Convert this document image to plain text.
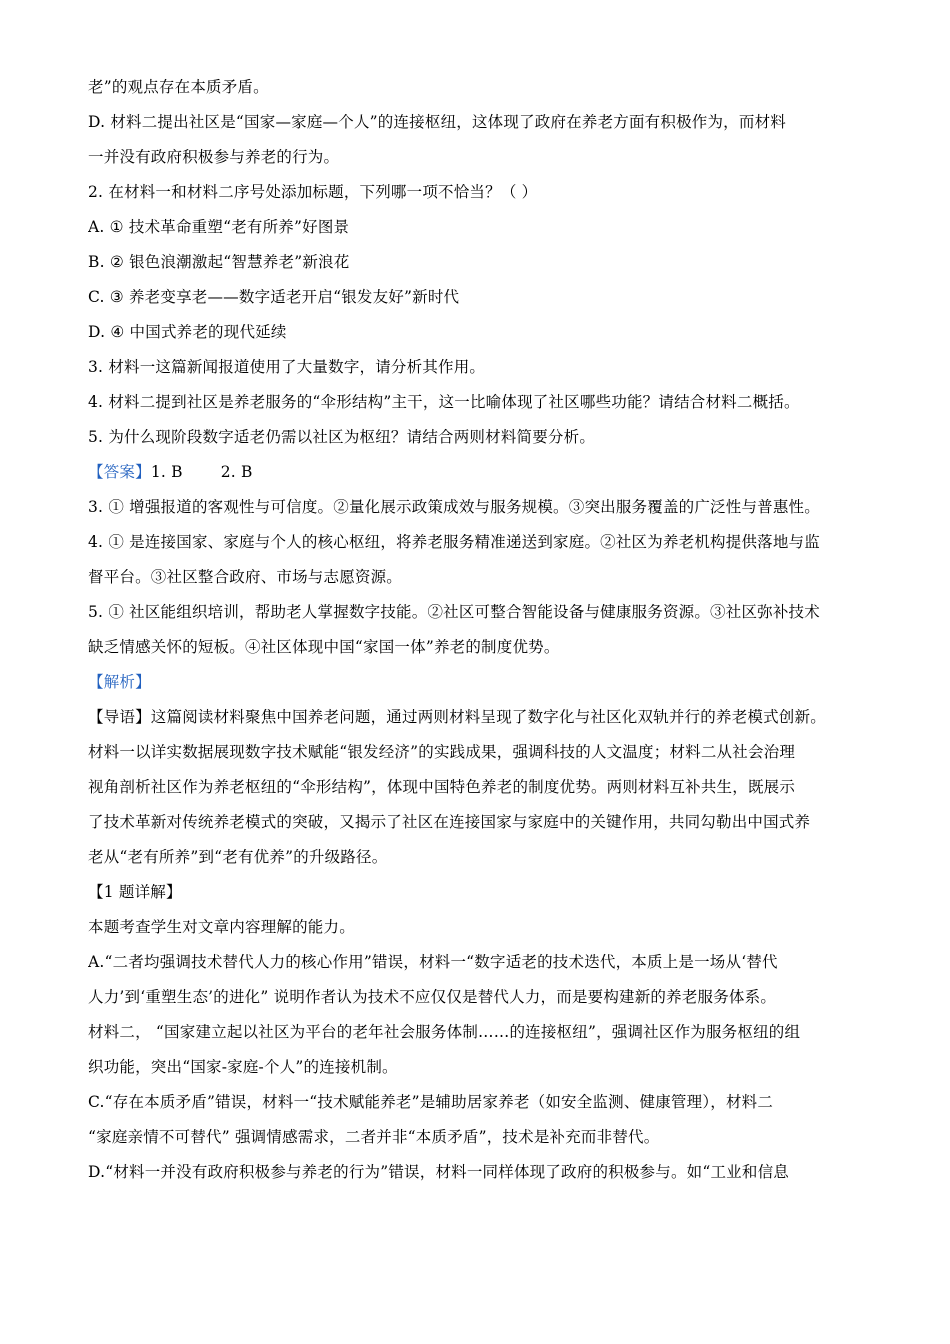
老”的观点存在本质矛盾。
D. 材料二提出社区是“国家—家庭—个人”的连接枢纽，这体现了政府在养老方面有积极作为，而材料
一并没有政府积极参与养老的行为。
2. 在材料一和材料二序号处添加标题，下列哪一项不恰当？（ ）
A. ① 技术革命重塑“老有所养”好图景
B. ② 银色浪潮激起“智慧养老”新浪花
C. ③ 养老变享老——数字适老开启“银发友好”新时代
D. ④ 中国式养老的现代延续
3. 材料一这篇新闻报道使用了大量数字，请分析其作用。
4. 材料二提到社区是养老服务的“伞形结构”主干，这一比喻体现了社区哪些功能？请结合材料二概括。
5. 为什么现阶段数字适老仍需以社区为枢纽？请结合两则材料简要分析。
【答案】1. B 2. B
3. ① 增强报道的客观性与可信度。②量化展示政策成效与服务规模。③突出服务覆盖的广泛性与普惠性。
4. ① 是连接国家、家庭与个人的核心枢纽，将养老服务精准递送到家庭。②社区为养老机构提供落地与监
督平台。③社区整合政府、市场与志愿资源。
5. ① 社区能组织培训，帮助老人掌握数字技能。②社区可整合智能设备与健康服务资源。③社区弥补技术
缺乏情感关怀的短板。④社区体现中国“家国一体”养老的制度优势。
【解析】
【导语】这篇阅读材料聚焦中国养老问题，通过两则材料呈现了数字化与社区化双轨并行的养老模式创新。
材料一以详实数据展现数字技术赋能“银发经济”的实践成果，强调科技的人文温度；材料二从社会治理
视角剖析社区作为养老枢纽的“伞形结构”，体现中国特色养老的制度优势。两则材料互补共生，既展示
了技术革新对传统养老模式的突破，又揭示了社区在连接国家与家庭中的关键作用，共同勾勒出中国式养
老从“老有所养”到“老有优养”的升级路径。
【1 题详解】
本题考查学生对文章内容理解的能力。
A.“二者均强调技术替代人力的核心作用”错误，材料一“数字适老的技术迭代，本质上是一场从‘替代
人力’到‘重塑生态’的进化” 说明作者认为技术不应仅仅是替代人力，而是要构建新的养老服务体系。
材料二， “国家建立起以社区为平台的老年社会服务体制……的连接枢纽”，强调社区作为服务枢纽的组
织功能，突出“国家-家庭-个人”的连接机制。
C.“存在本质矛盾”错误，材料一“技术赋能养老”是辅助居家养老（如安全监测、健康管理），材料二
“家庭亲情不可替代” 强调情感需求，二者并非“本质矛盾”，技术是补充而非替代。
D.“材料一并没有政府积极参与养老的行为”错误，材料一同样体现了政府的积极参与。如“工业和信息
